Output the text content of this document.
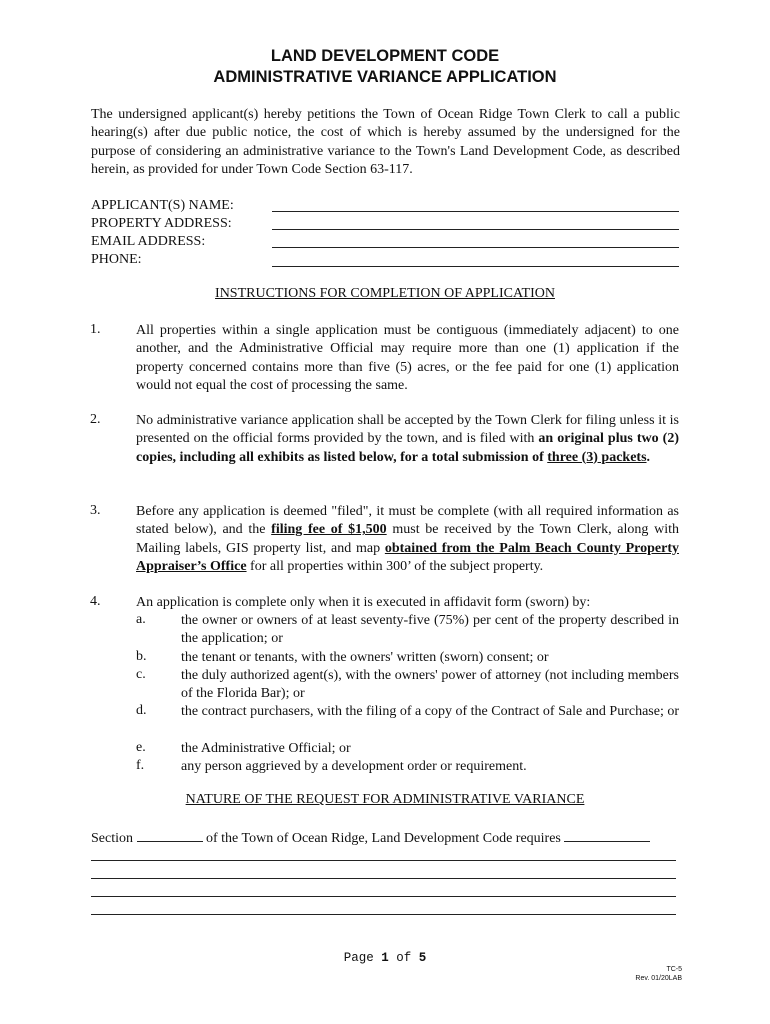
LAND DEVELOPMENT CODE
ADMINISTRATIVE VARIANCE APPLICATION
The undersigned applicant(s) hereby petitions the Town of Ocean Ridge Town Clerk to call a public hearing(s) after due public notice, the cost of which is hereby assumed by the undersigned for the purpose of considering an administrative variance to the Town's Land Development Code, as described herein, as provided for under Town Code Section 63-117.
APPLICANT(S) NAME:
PROPERTY ADDRESS:
EMAIL ADDRESS:
PHONE:
INSTRUCTIONS FOR COMPLETION OF APPLICATION
1.	All properties within a single application must be contiguous (immediately adjacent) to one another, and the Administrative Official may require more than one (1) application if the property concerned contains more than five (5) acres, or the fee paid for one (1) application would not equal the cost of processing the same.
2.	No administrative variance application shall be accepted by the Town Clerk for filing unless it is presented on the official forms provided by the town, and is filed with an original plus two (2) copies, including all exhibits as listed below, for a total submission of three (3) packets.
3.	Before any application is deemed "filed", it must be complete (with all required information as stated below), and the filing fee of $1,500 must be received by the Town Clerk, along with Mailing labels, GIS property list, and map obtained from the Palm Beach County Property Appraiser’s Office for all properties within 300’ of the subject property.
4.	An application is complete only when it is executed in affidavit form (sworn) by:
a.	the owner or owners of at least seventy-five (75%) per cent of the property described in the application; or
b. the tenant or tenants, with the owners' written (sworn) consent; or
c.	the duly authorized agent(s), with the owners' power of attorney (not including members of the Florida Bar); or
d. the contract purchasers, with the filing of a copy of the Contract of Sale and Purchase; or
e.	the Administrative Official; or
f.	any person aggrieved by a development order or requirement.
NATURE OF THE REQUEST FOR ADMINISTRATIVE VARIANCE
Section	of the Town of Ocean Ridge, Land Development Code requires
Page 1 of 5
TC-5
Rev. 01/20LAB
